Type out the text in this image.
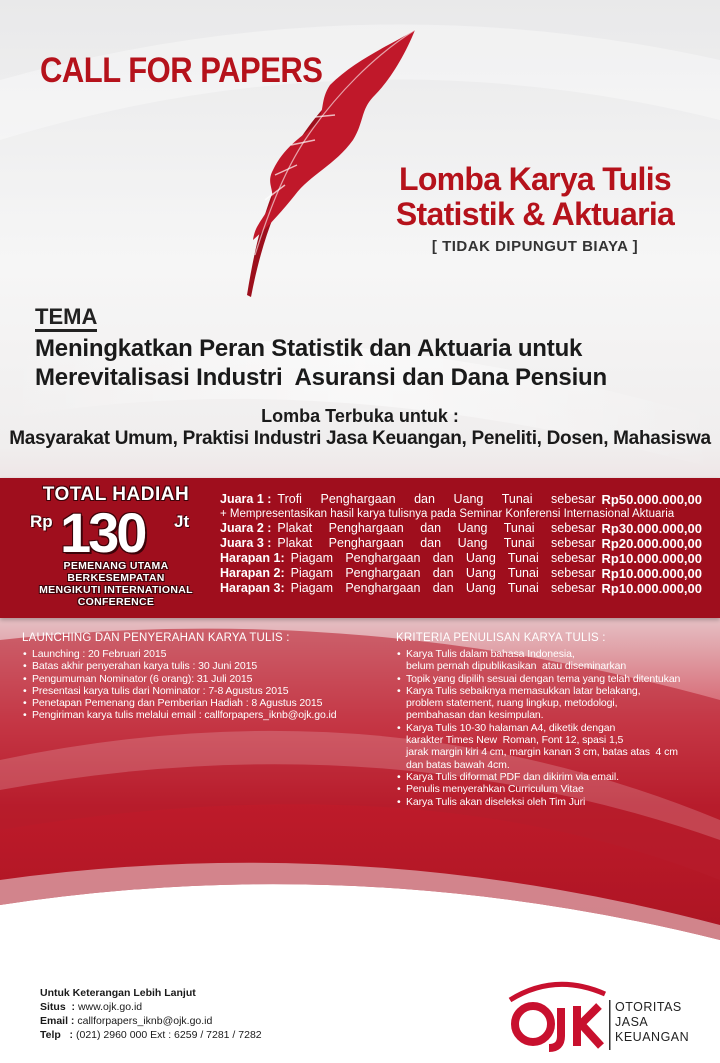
CALL FOR PAPERS
Lomba Karya Tulis
Statistik & Aktuaria
[ TIDAK DIPUNGUT BIAYA ]
TEMA
Meningkatkan Peran Statistik dan Aktuaria untuk
Merevitalisasi Industri  Asuransi dan Dana Pensiun
Lomba Terbuka untuk :
Masyarakat Umum, Praktisi Industri Jasa Keuangan, Peneliti, Dosen, Mahasiswa
TOTAL HADIAH
Rp 130 Jt
PEMENANG UTAMA
BERKESEMPATAN
MENGIKUTI INTERNATIONAL
CONFERENCE
Juara 1 : Trofi Penghargaan dan Uang Tunai sebesar Rp50.000.000,00
+ Mempresentasikan hasil karya tulisnya pada Seminar Konferensi Internasional Aktuaria
Juara 2 : Plakat Penghargaan dan Uang Tunai sebesar Rp30.000.000,00
Juara 3 : Plakat Penghargaan dan Uang Tunai sebesar Rp20.000.000,00
Harapan 1: Piagam Penghargaan dan Uang Tunai sebesar Rp10.000.000,00
Harapan 2: Piagam Penghargaan dan Uang Tunai sebesar Rp10.000.000,00
Harapan 3: Piagam Penghargaan dan Uang Tunai sebesar Rp10.000.000,00
LAUNCHING DAN PENYERAHAN KARYA TULIS :
• Launching : 20 Februari 2015
• Batas akhir penyerahan karya tulis : 30 Juni 2015
• Pengumuman Nominator (6 orang): 31 Juli 2015
• Presentasi karya tulis dari Nominator : 7-8 Agustus 2015
• Penetapan Pemenang dan Pemberian Hadiah : 8 Agustus 2015
• Pengiriman karya tulis melalui email : callforpapers_iknb@ojk.go.id
KRITERIA PENULISAN KARYA TULIS :
• Karya Tulis dalam bahasa Indonesia,
belum pernah dipublikasikan  atau diseminarkan
• Topik yang dipilih sesuai dengan tema yang telah ditentukan
• Karya Tulis sebaiknya memasukkan latar belakang,
problem statement, ruang lingkup, metodologi,
pembahasan dan kesimpulan.
• Karya Tulis 10-30 halaman A4, diketik dengan
karakter Times New  Roman, Font 12, spasi 1,5
jarak margin kiri 4 cm, margin kanan 3 cm, batas atas  4 cm
dan batas bawah 4cm.
• Karya Tulis diformat PDF dan dikirim via email.
• Penulis menyerahkan Curriculum Vitae
• Karya Tulis akan diseleksi oleh Tim Juri
Untuk Keterangan Lebih Lanjut
Situs  : www.ojk.go.id
Email : callforpapers_iknb@ojk.go.id
Telp   : (021) 2960 000 Ext : 6259 / 7281 / 7282
OTORITAS
JASA
KEUANGAN
